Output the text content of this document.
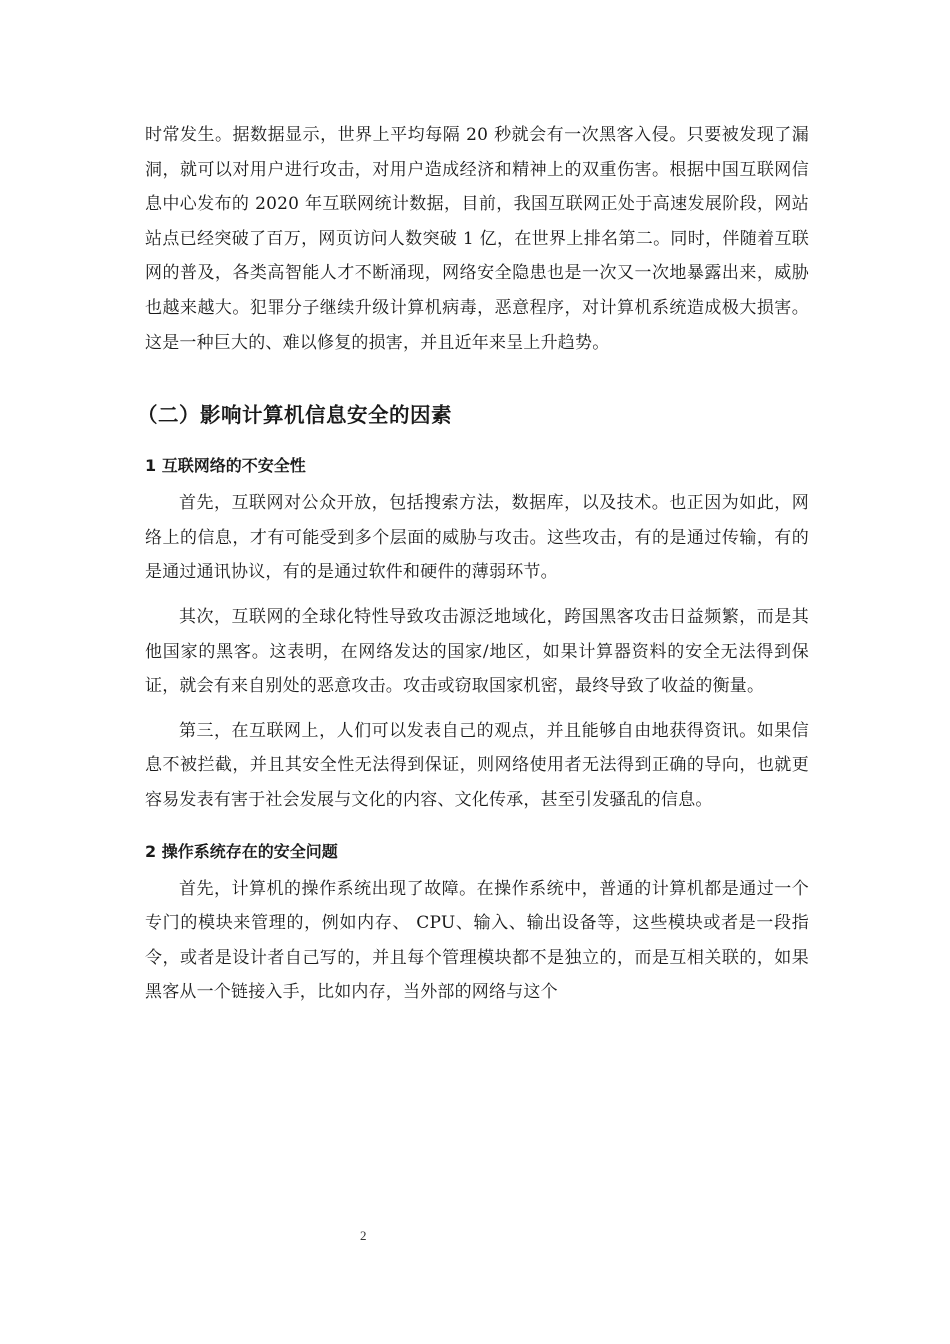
时常发生。据数据显示，世界上平均每隔 20 秒就会有一次黑客入侵。只要被发现了漏洞，就可以对用户进行攻击，对用户造成经济和精神上的双重伤害。根据中国互联网信息中心发布的 2020 年互联网统计数据，目前，我国互联网正处于高速发展阶段，网站站点已经突破了百万，网页访问人数突破 1 亿，在世界上排名第二。同时，伴随着互联网的普及，各类高智能人才不断涌现，网络安全隐患也是一次又一次地暴露出来，威胁也越来越大。犯罪分子继续升级计算机病毒，恶意程序，对计算机系统造成极大损害。这是一种巨大的、难以修复的损害，并且近年来呈上升趋势。

（二）影响计算机信息安全的因素
1 互联网络的不安全性

首先，互联网对公众开放，包括搜索方法，数据库，以及技术。也正因为如此，网络上的信息，才有可能受到多个层面的威胁与攻击。这些攻击，有的是通过传输，有的是通过通讯协议，有的是通过软件和硬件的薄弱环节。

其次，互联网的全球化特性导致攻击源泛地域化，跨国黑客攻击日益频繁，而是其他国家的黑客。这表明，在网络发达的国家/地区，如果计算器资料的安全无法得到保证，就会有来自别处的恶意攻击。攻击或窃取国家机密，最终导致了收益的衡量。

第三，在互联网上，人们可以发表自己的观点，并且能够自由地获得资讯。如果信息不被拦截，并且其安全性无法得到保证，则网络使用者无法得到正确的导向，也就更容易发表有害于社会发展与文化的内容、文化传承，甚至引发骚乱的信息。

2 操作系统存在的安全问题

首先，计算机的操作系统出现了故障。在操作系统中，普通的计算机都是通过一个专门的模块来管理的，例如内存、 CPU、输入、输出设备等，这些模块或者是一段指令，或者是设计者自己写的，并且每个管理模块都不是独立的，而是互相关联的，如果黑客从一个链接入手，比如内存，当外部的网络与这个

2
